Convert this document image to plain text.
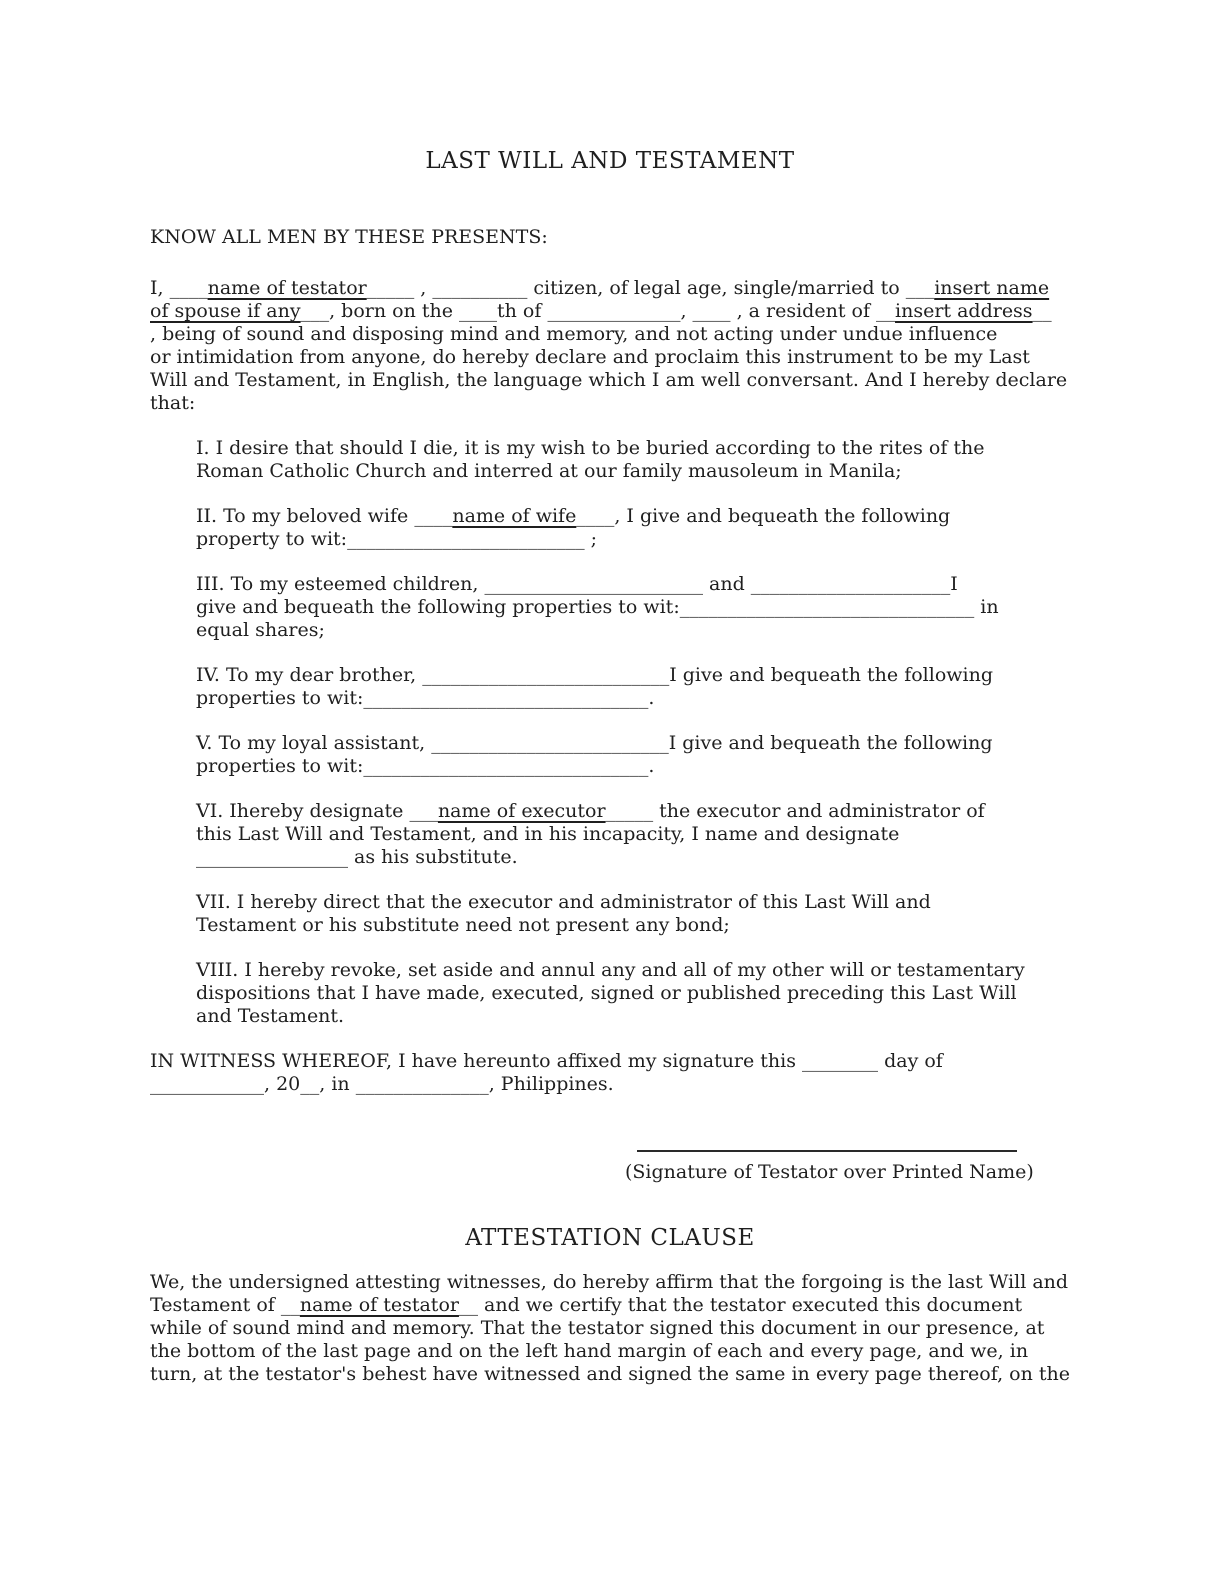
LAST WILL AND TESTAMENT
KNOW ALL MEN BY THESE PRESENTS:
I, ____name of testator_____ , __________ citizen, of legal age, single/married to ___insert name
of spouse if any___, born on the ____th of ______________, ____ , a resident of __insert address__
, being of sound and disposing mind and memory, and not acting under undue influence
or intimidation from anyone, do hereby declare and proclaim this instrument to be my Last
Will and Testament, in English, the language which I am well conversant. And I hereby declare
that:
I. I desire that should I die, it is my wish to be buried according to the rites of the
Roman Catholic Church and interred at our family mausoleum in Manila;
II. To my beloved wife ____name of wife____, I give and bequeath the following
property to wit:_________________________ ;
III. To my esteemed children, _______________________ and _____________________I
give and bequeath the following properties to wit:_______________________________ in
equal shares;
IV. To my dear brother, __________________________I give and bequeath the following
properties to wit:______________________________.
V. To my loyal assistant, _________________________I give and bequeath the following
properties to wit:______________________________.
VI. Ihereby designate ___name of executor_____ the executor and administrator of
this Last Will and Testament, and in his incapacity, I name and designate
________________ as his substitute.
VII. I hereby direct that the executor and administrator of this Last Will and
Testament or his substitute need not present any bond;
VIII. I hereby revoke, set aside and annul any and all of my other will or testamentary
dispositions that I have made, executed, signed or published preceding this Last Will
and Testament.
IN WITNESS WHEREOF, I have hereunto affixed my signature this ________ day of
____________, 20__, in ______________, Philippines.
(Signature of Testator over Printed Name)
ATTESTATION CLAUSE
We, the undersigned attesting witnesses, do hereby affirm that the forgoing is the last Will and
Testament of __name of testator__ and we certify that the testator executed this document
while of sound mind and memory. That the testator signed this document in our presence, at
the bottom of the last page and on the left hand margin of each and every page, and we, in
turn, at the testator's behest have witnessed and signed the same in every page thereof, on the
